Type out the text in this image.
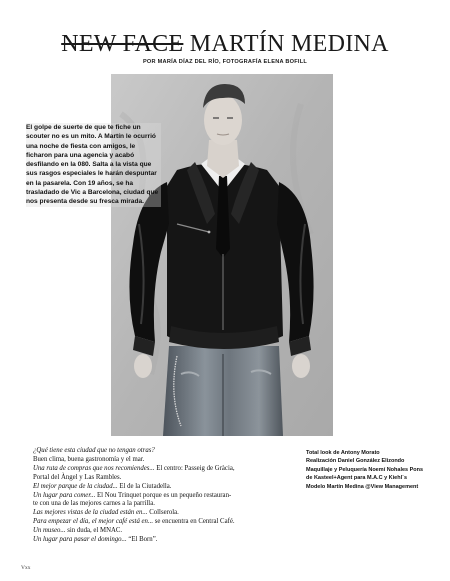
NEW FACE MARTÍN MEDINA
POR MARÍA DÍAZ DEL RÍO, FOTOGRAFÍA ELENA BOFILL

El golpe de suerte de que te fiche un scouter no es un mito. A Martín le ocurrió una noche de fiesta con amigos, le ficharon para una agencia y acabó desfilando en la 080. Salta a la vista que sus rasgos especiales le harán despuntar en la pasarela. Con 19 años, se ha trasladado de Vic a Barcelona, ciudad que nos presenta desde su fresca mirada.

¿Qué tiene esta ciudad que no tengan otras?
Buen clima, buena gastronomía y el mar.
Una ruta de compras que nos recomiendes... El centro: Passeig de Gràcia,
Portal del Àngel y Las Rambles.
El mejor parque de la ciudad... El de la Ciutadella.
Un lugar para comer... El Nou Trinquet porque es un pequeño restauran-
te con una de las mejores carnes a la parrilla.
Las mejores vistas de la ciudad están en... Collserola.
Para empezar el día, el mejor café está en... se encuentra en Central Café.
Un museo... sin duda, el MNAC.
Un lugar para pasar el domingo... “El Born”.
Total look de Antony Morato
Realización Daniel González Elizondo
Maquillaje y Peluquería Noemí Nohales Pons
de Kasteel+Agent para M.A.C y Kiehl´s
Modelo Martín Medina @View Management
Vxx
